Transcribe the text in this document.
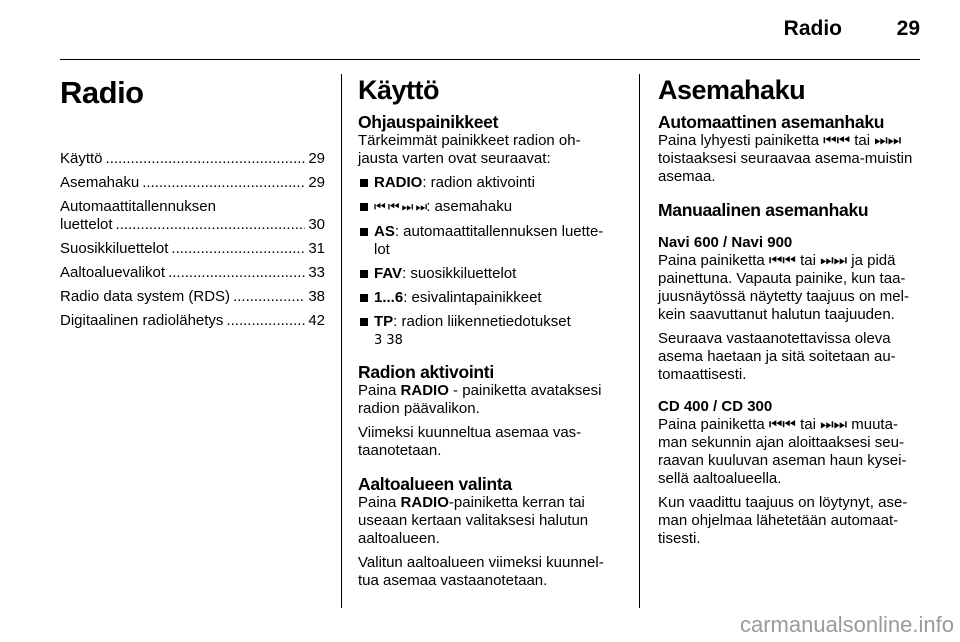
Radio	29
Radio
Käyttö .....	29
Asemahaku .....	29
Automaattitallennuksen
luettelot .....	30
Suosikkiluettelot .....	31
Aaltoaluevalikot .....	33
Radio data system (RDS) .....	38
Digitaalinen radiolähetys .....	42
Käyttö
Ohjauspainikkeet

Tärkeimmät painikkeet radion oh-
jausta varten ovat seuraavat:

RADIO: radion aktivointi
⏮ ⏮ ⏭ ⏭: asemahaku
AS: automaattitallennuksen luette-
lot
FAV: suosikkiluettelot
1...6: esivalintapainikkeet
TP: radion liikennetiedotukset
3 38
Radion aktivointi

Paina RADIO - painiketta avataksesi radion päävalikon.

Viimeksi kuunneltua asemaa vas-
taanotetaan.

Aaltoalueen valinta

Paina RADIO-painiketta kerran tai useaan kertaan valitaksesi halutun aaltoalueen.

Valitun aaltoalueen viimeksi kuunnel-
tua asemaa vastaanotetaan.

Asemahaku
Automaattinen asemanhaku

Paina lyhyesti painiketta ⏮⏮ tai ⏭⏭ toistaaksesi seuraavaa asema-muistin asemaa.

Manuaalinen asemanhaku
Navi 600 / Navi 900

Paina painiketta ⏮⏮ tai ⏭⏭ ja pidä painettuna. Vapauta painike, kun taa-juusnäytössä näytetty taajuus on mel-kein saavuttanut halutun taajuuden.

Seuraava vastaanotettavissa oleva asema haetaan ja sitä soitetaan au-tomaattisesti.

CD 400 / CD 300

Paina painiketta ⏮⏮ tai ⏭⏭ muuta-man sekunnin ajan aloittaaksesi seu-raavan kuuluvan aseman haun kysei-sellä aaltoalueella.

Kun vaadittu taajuus on löytynyt, ase-man ohjelmaa lähetetään automaat-tisesti.

carmanualsonline.info
